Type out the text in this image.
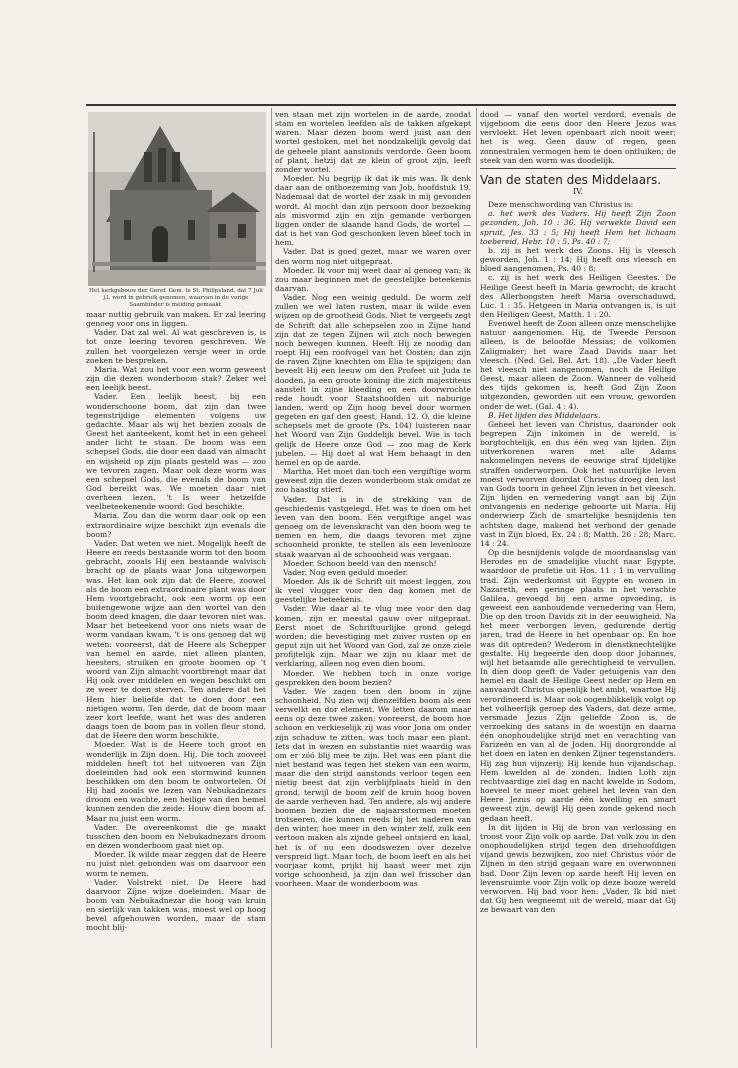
Het kerkgebouw der Geref. Gem. te St. Philipsland, dat 7 Juli j.l. werd in gebruik genomen, waarvan in de vorige Saambinder is melding gemaakt.

maar nuttig gebruik van maken. Er zal leering genoeg voor ons in liggen.

Vader. Dat zal wel. Al wat geschreven is, is tot onze leering tevoren geschreven. We zullen het voorgelezen versje weer in orde zoeken te bespreken.

Maria. Wat zou het voor een worm geweest zijn die dezen wonderboom stak? Zeker wel een leelijk beest.

Vader. Een leelijk beest, bij een wonderschoone boom, dat zijn dan twee tegenstrijdige elementen volgens uw gedachte. Maar als wij het bezien zooals de Geest het aanteekent, komt het in een geheel ander licht te staan. De boom was een schepsel Gods, die door een daad van almacht en wijsheid op zijn plaats gesteld was — zoo we tevoren zagen. Maar ook deze worm was een schepsel Gods, die evenals de boom van God bereikt was. We moeten daar niet overheen lezen. 't Is weer hetzelfde veelbeteekenende woord: God beschikte.

Maria. Zou dan die worm daar ook op een extraordinaire wijze beschikt zijn evenals die boom?

Vader. Dat weten we niet. Mogelijk heeft de Heere en reeds bestaande worm tot den boom gebracht, zooals Hij een bestaande walvisch bracht op de plaats waar Jona uitgeworpen was. Het kan ook zijn dat de Heere, zoowel als de boom een extraordinaire plant was door Hem voortgebracht, ook een worm op een buitengewone wijze aan den wortel van den boom deed knagen, die daar tevoren niet was. Maar het beteekend voor ons niets waar de worm vandaan kwam, 't is ons genoeg dat wij weten: vooreerst, dat de Heere als Schepper van hemel en aarde, niet alleen planten, heesters, struiken en groote boomen op 't woord van Zijn almacht voortbrengt maar dat Hij ook over middelen en wegen beschikt om ze weer te doen sterven. Ten andere dat het Hem hier beliefde dat te doen door een nietigen worm. Ten derde, dat de boom maar zeer kort leefde, want het was des anderen daags toen de boom pas in vollen fleur stond, dat de Heere den worm beschikte.

Moeder. Wat is de Heere toch groot en wonderlijk in Zijn doen. Hij, Die toch zooveel middelen heeft tot het uitvoeren van Zijn doeleinden had ook een stormwind kunnen beschikken om den boom te ontwortelen. Of Hij had zooals we lezen van Nebukadnezars droom een wachte, een heilige van den hemel kunnen zenden die zeide: Houw dien boom af. Maar nu juist een worm.

Vader. De overeenkomst die ge maakt tusschen den boom en Nebukadnezars droom en dezen wonderboom gaat niet op.

Moeder. Ik wilde maar zeggen dat de Heere nu juist niet gebonden was om daarvoor een worm te nemen.

Vader. Volstrekt niet. De Heere had daarvoor Zijne wijze doeleinden. Maar de boom van Nebukadnezar die hoog van kruin en sierlijk van takken was, moest wel op hoog bevel afgehouwen worden, maar de stam mocht blij-

ven staan met zijn wortelen in de aarde, zoodat stam en wortelen leefden als de takken afgekapt waren. Maar dezen boom werd juist aan den wortel gestoken, met het noodzakelijk gevolg dat de geheele plant aanstonds verdorde. Geen boom of plant, hetzij dat ze klein of groot zijn, leeft zonder wortel.

Moeder. Nu begrijp ik dat ik mis was. Ik denk daar aan de ontboezeming van Job, hoofdstuk 19. Nademaal dat de wortel der zaak in mij gevonden wordt. Al mocht dan zijn persoon door bezoeking als misvormd zijn en zijn gemande verborgen liggen onder de slaande hand Gods, de wortel — dat is het van God geschonken leven bleef toch in hem.

Vader. Dat is goed gezet, maar we waren over den worm nog niet uitgepraat.

Moeder. Ik voor mij weet daar al genoeg van; ik zou maar beginnen met de geestelijke beteekenis daarvan.

Vader. Nog een weinig geduld. De worm zelf zullen we wel laten rusten, maar ik wilde even wijzen op de grootheid Gods. Niet te vergeefs zegt de Schrift dat alle schepselen zoo in Zijne hand zijn dat ze tegen Zijnen wil zich noch bewegen noch bewegen kunnen. Heeft Hij ze noodig dan roept Hij een roofvogel van het Oosten; dan zijn de raven Zijne knechten om Elia te spijzigen; dan beveelt Hij een leeuw om den Profeet uit Juda te dooden, ja een groote koning die zich majestiteus aanstelt in zijne kleeding en een doorwrochte rede houdt voor Staatshoofden uit naburige landen, werd op Zijn hoog bevel door wormen gegeten en gaf den geest, Hand. 12. O, die kleine schepsels met de groote (Ps. 104) luisteren naar het Woord van Zijn Goddelijk bevel. Wie is toch gelijk de Heere onze God — zoo mag de Kerk jubelen. — Hij doet al wat Hem behaagt in den hemel en op de aarde.

Martha. Het moet dan toch een vergiftige worm geweest zijn die dezen wonderboom stak omdat ze zoo haastig stierf.

Vader. Dat is in de strekking van de geschiedenis vastgelegd. Het was te doen om het leven van den boom. Eén vergiftige angel was genoeg om de levenskracht van den boom weg te nemen en hem, die daags tevoren met zijne schoonheid pronkte, te stellen als een levenlooze staak waarvan al de schoonheid was vergaan.

Moeder. Schoon beeld van den mensch!

Vader. Nog even geduld moeder.

Moeder. Als ik de Schrift uit moest leggen, zou ik veel vlugger voor den dag komen met de geestelijke beteekenis.

Vader. Wie daar al te vlug mee voor den dag komen, zijn er meestal gauw over uitgepraat. Eerst moet de Schriftuurlijke grond gelegd worden; die bevestiging met zuiver rusten op en geput zijn uit het Woord van God, zal ze onze ziele profijtelijk zijn. Maar we zijn nu klaar met de verklaring, alleen nog even dien boom.

Moeder. We hebben toch in onze vorige gesprekken den boom bezien?

Vader. We zagen toen den boom in zijne schoonheid. Nu zien wij dienzelfden boom als een verwelkt en dor element. We letten daarom maar eens op deze twee zaken: vooreerst, de boom hoe schoon en verkieselijk zij was voor Jona om onder zijn schaduw te zitten, was toch maar een plant. Iets dat in wezen en substantie niet waardig was om er zóó blij mee te zijn. Het was een plant die niet bestand was tegen het steken van een worm, maar die den strijd aanstonds verloor tegen een nietig beest dat zijn verblijfplaats hield in den grond, terwijl de boom zelf de kruin hoog boven de aarde verheven had. Ten andere, als wij andere boomen bezien die de najaarsstormen moeten trotseeren, die kunnen reeds bij het naderen van den winter, hoe meer in den winter zelf, zulk een vertoon maken als zijnde geheel ontsierd en kaal, het is of nu een doodswezen over dezelve verspreid ligt. Maar toch, de boom leeft en als het voorjaar komt, prijkt hij haast weer met zijn vorige schoonheid, ja zijn dan wel frisscher dan voorheen. Maar de wonderboom was

dood — vanaf den wortel verdord, evenals de vijgeboom die eens door den Heere Jezus was vervloekt. Het leven openbaart zich nooit weer; het is weg. Geen dauw of regen, geen zonnestralen vermogen hem te doen ontluiken; de steek van den worm was doodelijk.

Van de staten des Middelaars.
IV.

Deze menschwording van Christus is:

a. het werk des Vaders. Hij heeft Zijn Zoon gezonden, Joh. 10 : 36. Hij verwekte David een spruit, Jes. 33 : 5; Hij heeft Hem het lichaam toebereid, Hebr. 10 : 5, Ps. 40 : 7;

b. zij is het werk des Zoons. Hij is vleesch geworden, Joh. 1 : 14; Hij heeft ons vleesch en bloed aangenomen, Ps. 40 : 8;

c. zij is het werk des Heiligen Geestes. De Heilige Geest heeft in Maria gewrocht; de kracht des Allerhoogsten heeft Maria overschaduwd, Luc. 1 : 35. Hetgeen in Maria ontvangen is, is uit den Heiligen Geest, Matth. 1 : 20.

Evenwel heeft de Zoon alleen onze menschelijke natuur aangenomen. Hij, de Tweede Persoon alleen, is de beloofde Messias; de volkomen Zaligmaker; het ware Zaad Davids naar het vleesch. (Ned. Gel. Bel. Art. 18). „De Vader heeft het vleesch niet aangenomen, noch de Heilige Geest, maar alleen de Zoon. Wanneer de volheid des tijds gekomen is, heeft God Zijn Zoon uitgezonden, geworden uit een vrouw, geworden onder de wet. (Gal. 4 : 4).

B. Het lijden des Middelaars.

Geheel het leven van Christus, daaronder ook begrepen Zijn inkomen in de wereld, is borgtochtelijk, en dus één weg van lijden. Zijn uitverkorenen waren met alle Adams nakomelingen nevens de eeuwige straf tijdelijke straffen onderworpen. Ook het natuurlijke leven moest verworven doordat Christus droeg den last van Gods toorn in geheel Zijn leven in het vleesch. Zijn lijden en vernedering vangt aan bij Zijn ontvangenis en nederige geboorte uit Maria. Hij onderwierp Zich de smartelijke besnijdenis ten achtsten dage, makend het verbond der genade vast in Zijn bloed, Ex. 24 : 8; Matth. 26 : 28; Marc. 14 : 24.

Op die besnijdenis volgde de moordaanslag van Herodes en de smadelijke vlucht naar Egypte, waardoor de profetie uit Hos. 11 : 1 in vervulling trad. Zijn wederkomst uit Egypte en wonen in Nazareth, een geringe plaats in het verachte Galilea, gevoegd bij een arme opvoeding, is geweest een aanhoudende vernedering van Hem, Die op den troon Davids zit in der eeuwigheid. Na het meer verborgen leven, gedurende dertig jaren, trad de Heere in het openbaar op. En hoe was dit optreden? Wederom in dienstknechtelijke gestalte. Hij begeerde den doop door Johannes, wijl het betaamde alle gerechtigheid te vervullen. In dien doop geeft de Vader getuigenis van den hemel en daalt de Heilige Geest neder op Hem en aanvaardt Christus openlijk het ambt, waartoe Hij verordineerd is. Maar ook oogenblikkelijk volgt op het volheerlijk geroep des Vaders, dat deze arme, versmade Jezus Zijn geliefde Zoon is, de verzoeking des satans in de woestijn en daarna één onophoudelijke strijd met en verachting van Farizeën en van al de Joden. Hij doorgrondde al het doen en laten en denken Zijner tegenstanders. Hij zag hun vijnzerij; Hij kende hun vijandschap. Hem kwelden al de zonden. Indien Loth zijn rechtvaardige ziel dag en nacht kwelde in Sodom, hoeveel te meer moet geheel het leven van den Heere Jezus op aarde één kwelling en smart geweest zijn, dewijl Hij geen zonde gekend noch gedaan heeft.

In dit lijden is Hij de bron van verlossing en troost voor Zijn volk op aarde. Dat volk zou in den onophoudelijken strijd tegen den driehoofdigen vijand gewis bezwijken, zoo niet Christus vóór de Zijnen in den strijd gegaan ware en overwonnen had. Door Zijn leven op aarde heeft Hij leven en levensruimte voor Zijn volk op deze booze wereld verworven. Hij bad voor hen: „Vader, Ik bid niet dat Gij hen wegneemt uit de wereld, maar dat Gij ze bewaart van den
